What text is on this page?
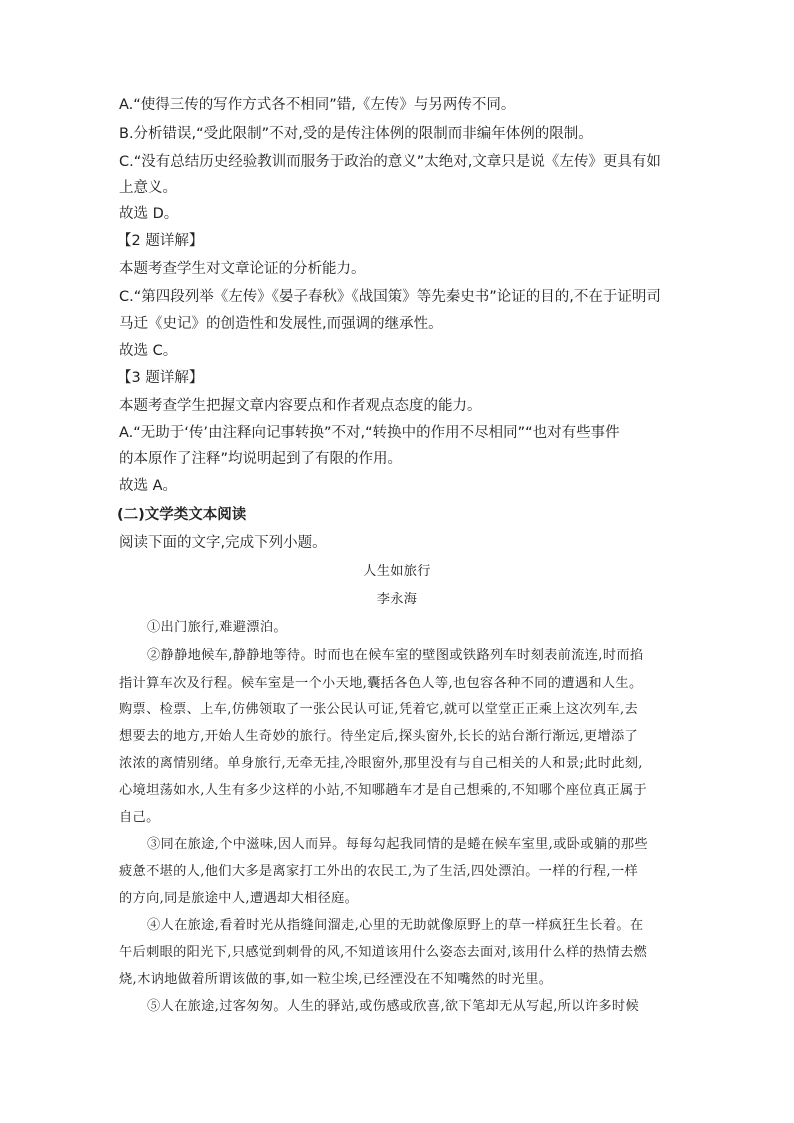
A.“使得三传的写作方式各不相同”错,《左传》与另两传不同。
B.分析错误,“受此限制”不对,受的是传注体例的限制而非编年体例的限制。
C.“没有总结历史经验教训而服务于政治的意义”太绝对,文章只是说《左传》更具有如
上意义。
故选 D。
【2 题详解】
本题考查学生对文章论证的分析能力。
C.“第四段列举《左传》《晏子春秋》《战国策》等先秦史书”论证的目的,不在于证明司
马迁《史记》的创造性和发展性,而强调的继承性。
故选 C。
【3 题详解】
本题考查学生把握文章内容要点和作者观点态度的能力。
A.“无助于‘传’由注释向记事转换”不对,“转换中的作用不尽相同”“也对有些事件
的本原作了注释”均说明起到了有限的作用。
故选 A。
(二)文学类文本阅读
阅读下面的文字,完成下列小题。
人生如旅行
李永海
①出门旅行,难避漂泊。
②静静地候车,静静地等待。时而也在候车室的壁图或铁路列车时刻表前流连,时而掐
指计算车次及行程。候车室是一个小天地,囊括各色人等,也包容各种不同的遭遇和人生。
购票、检票、上车,仿佛领取了一张公民认可证,凭着它,就可以堂堂正正乘上这次列车,去
想要去的地方,开始人生奇妙的旅行。待坐定后,探头窗外,长长的站台渐行渐远,更增添了
浓浓的离情别绪。单身旅行,无牵无挂,冷眼窗外,那里没有与自己相关的人和景;此时此刻,
心境坦荡如水,人生有多少这样的小站,不知哪趟车才是自己想乘的,不知哪个座位真正属于
自己。
③同在旅途,个中滋味,因人而异。每每勾起我同情的是蜷在候车室里,或卧或躺的那些
疲惫不堪的人,他们大多是离家打工外出的农民工,为了生活,四处漂泊。一样的行程,一样
的方向,同是旅途中人,遭遇却大相径庭。
④人在旅途,看着时光从指缝间溜走,心里的无助就像原野上的草一样疯狂生长着。在
午后刺眼的阳光下,只感觉到刺骨的风,不知道该用什么姿态去面对,该用什么样的热情去燃
烧,木讷地做着所谓该做的事,如一粒尘埃,已经湮没在不知嘴然的时光里。
⑤人在旅途,过客匆匆。人生的驿站,或伤感或欣喜,欲下笔却无从写起,所以许多时候
